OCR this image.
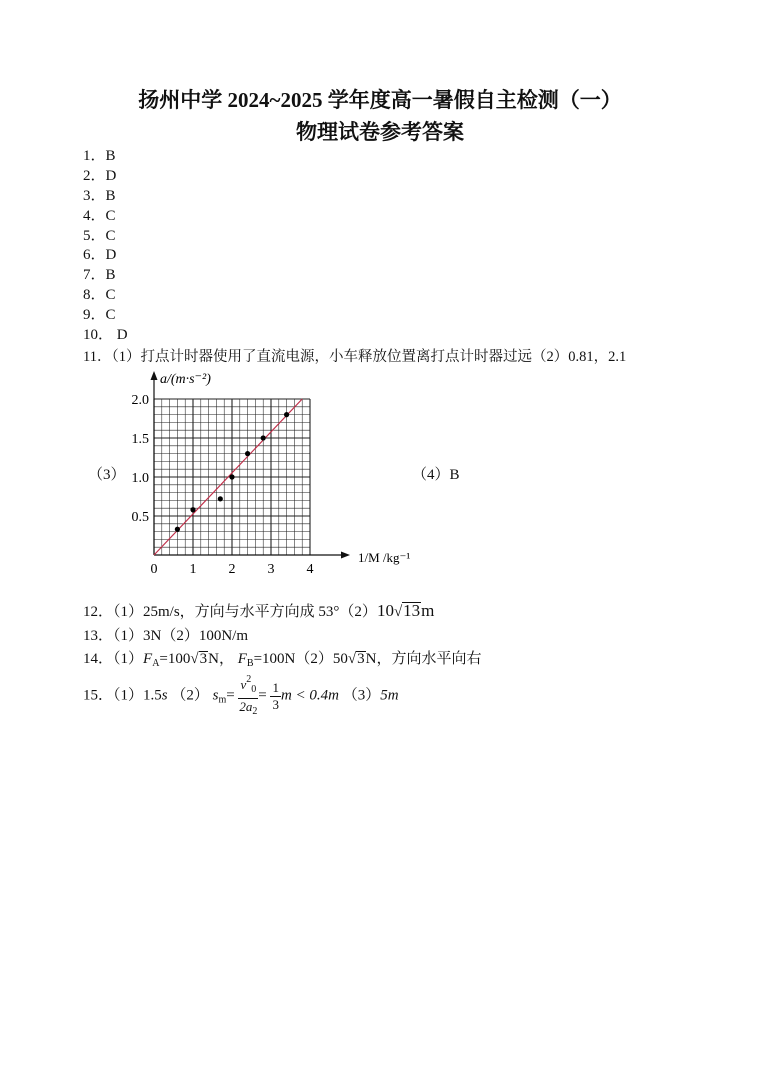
扬州中学 2024~2025 学年度高一暑假自主检测（一）
物理试卷参考答案
1．B
2．D
3．B
4．C
5．C
6．D
7．B
8．C
9．C
10． D
11．（1）打点计时器使用了直流电源，小车释放位置离打点计时器过远（2）0.81，2.1
（3）	（4）B
0 1 2 3 4
0.5
1.0
1.5
2.0
a/(m·s⁻²)
1/M /kg⁻¹
12．（1）25m/s，方向与水平方向成 53°（2）10√13m
13．（1）3N（2）100N/m
14．$(1)F_A=100√3N$， $F_B=100N(2)50√3N$，方向水平向右
15．（1）1.5s （2） $s_m= \frac{v^2_0}{2a_2} = \frac{1}{3}$ m < 0.4m （3）5m
